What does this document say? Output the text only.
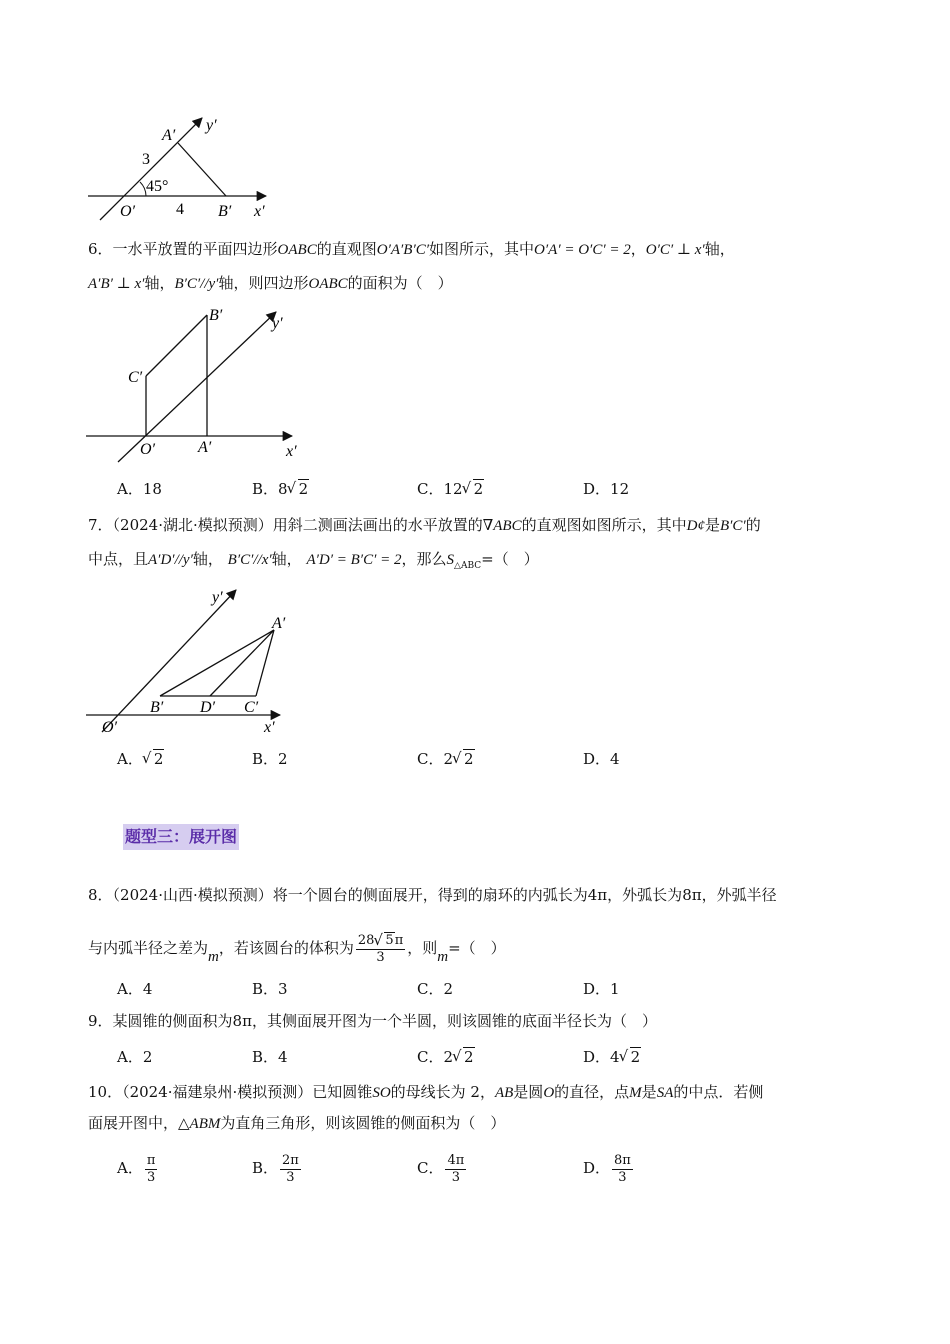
y′
A′
3
45°
O′	4 B′ x′
6．一水平放置的平面四边形OABC的直观图O′A′B′C′如图所示，其中O′A′ = O′C′ = 2，O′C′ ⊥ x′轴，
A′B′ ⊥ x′轴，B′C′//y′轴，则四边形OABC的面积为（　）
B′	y′
C′
O′	A′	x′
A．18	B．8 √ 2	C．12 √ 2	D．12
7．（2024·湖北·模拟预测）用斜二测画法画出的水平放置的∇ABC的直观图如图所示，其中D¢是B′C′的
中点，且A′D′//y′轴， B′C′//x′轴， A′D′ = B′C′ = 2，那么$S_{\triangle ABC}=$（　）
y′
A′
B′ D′ C′
O′	x′
A． √ 2	B．2	C．2 √ 2	D．4
题型三：展开图
8．（2024·山西·模拟预测）将一个圆台的侧面展开，得到的扇环的内弧长为4π，外弧长为8π，外弧半径
与内弧半径之差为m，若该圆台的体积为 $\frac{28 √ 5\pi}{3}$ ，则m=（　）
A．4	B．3	C．2	D．1
9．某圆锥的侧面积为8π，其侧面展开图为一个半圆，则该圆锥的底面半径长为（　）
A．2	B．4	C．2 √ 2	D．4 √ 2
10．（2024·福建泉州·模拟预测）已知圆锥SO的母线长为 2，AB是圆O的直径，点M是SA的中点．若侧
面展开图中，△ABM为直角三角形，则该圆锥的侧面积为（　）
A． $\frac{\pi}{3}$	B． $\frac{2\pi}{3}$	C． $\frac{4\pi}{3}$	D． $\frac{8\pi}{3}$
